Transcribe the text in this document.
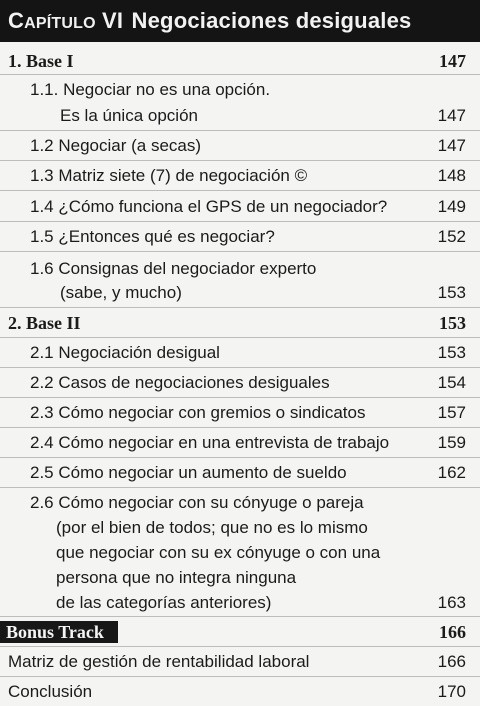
CAPÍTULO VI Negociaciones desiguales
1. Base I	147
1.1. Negociar no es una opción.
Es la única opción	147
1.2 Negociar (a secas)	147
1.3 Matriz siete (7) de negociación ©	148
1.4 ¿Cómo funciona el GPS de un negociador?	149
1.5 ¿Entonces qué es negociar?	152
1.6 Consignas del negociador experto
(sabe, y mucho)	153
2. Base II	153
2.1 Negociación desigual	153
2.2 Casos de negociaciones desiguales	154
2.3 Cómo negociar con gremios o sindicatos	157
2.4 Cómo negociar en una entrevista de trabajo	159
2.5 Cómo negociar un aumento de sueldo	162
2.6 Cómo negociar con su cónyuge o pareja
(por el bien de todos; que no es lo mismo
que negociar con su ex cónyuge o con una
persona que no integra ninguna
de las categorías anteriores)	163
Bonus Track	166
Matriz de gestión de rentabilidad laboral	166
Conclusión	170
